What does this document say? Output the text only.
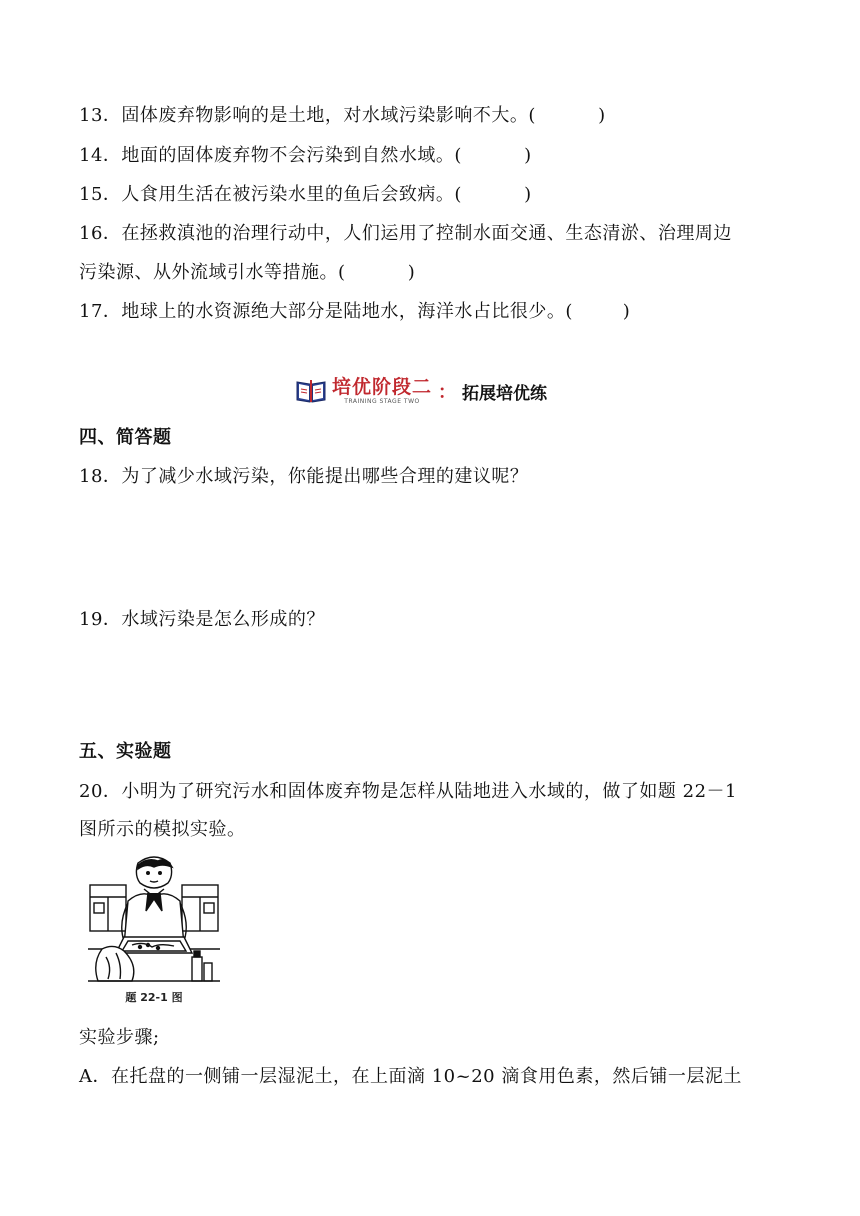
13．固体废弃物影响的是土地，对水域污染影响不大。(	)
14．地面的固体废弃物不会污染到自然水域。(	)
15．人食用生活在被污染水里的鱼后会致病。(	)
16．在拯救滇池的治理行动中，人们运用了控制水面交通、生态清淤、治理周边
污染源、从外流域引水等措施。(	)
17．地球上的水资源绝大部分是陆地水，海洋水占比很少。(	)
培优阶段二
TRAINING STAGE TWO ： 拓展培优练
四、简答题
18．为了减少水域污染，你能提出哪些合理的建议呢？
19．水域污染是怎么形成的？
五、实验题
20．小明为了研究污水和固体废弃物是怎样从陆地进入水域的，做了如题 22－1
图所示的模拟实验。
题 22-1 图
实验步骤;
A．在托盘的一侧铺一层湿泥土，在上面滴 10~20 滴食用色素，然后铺一层泥土
